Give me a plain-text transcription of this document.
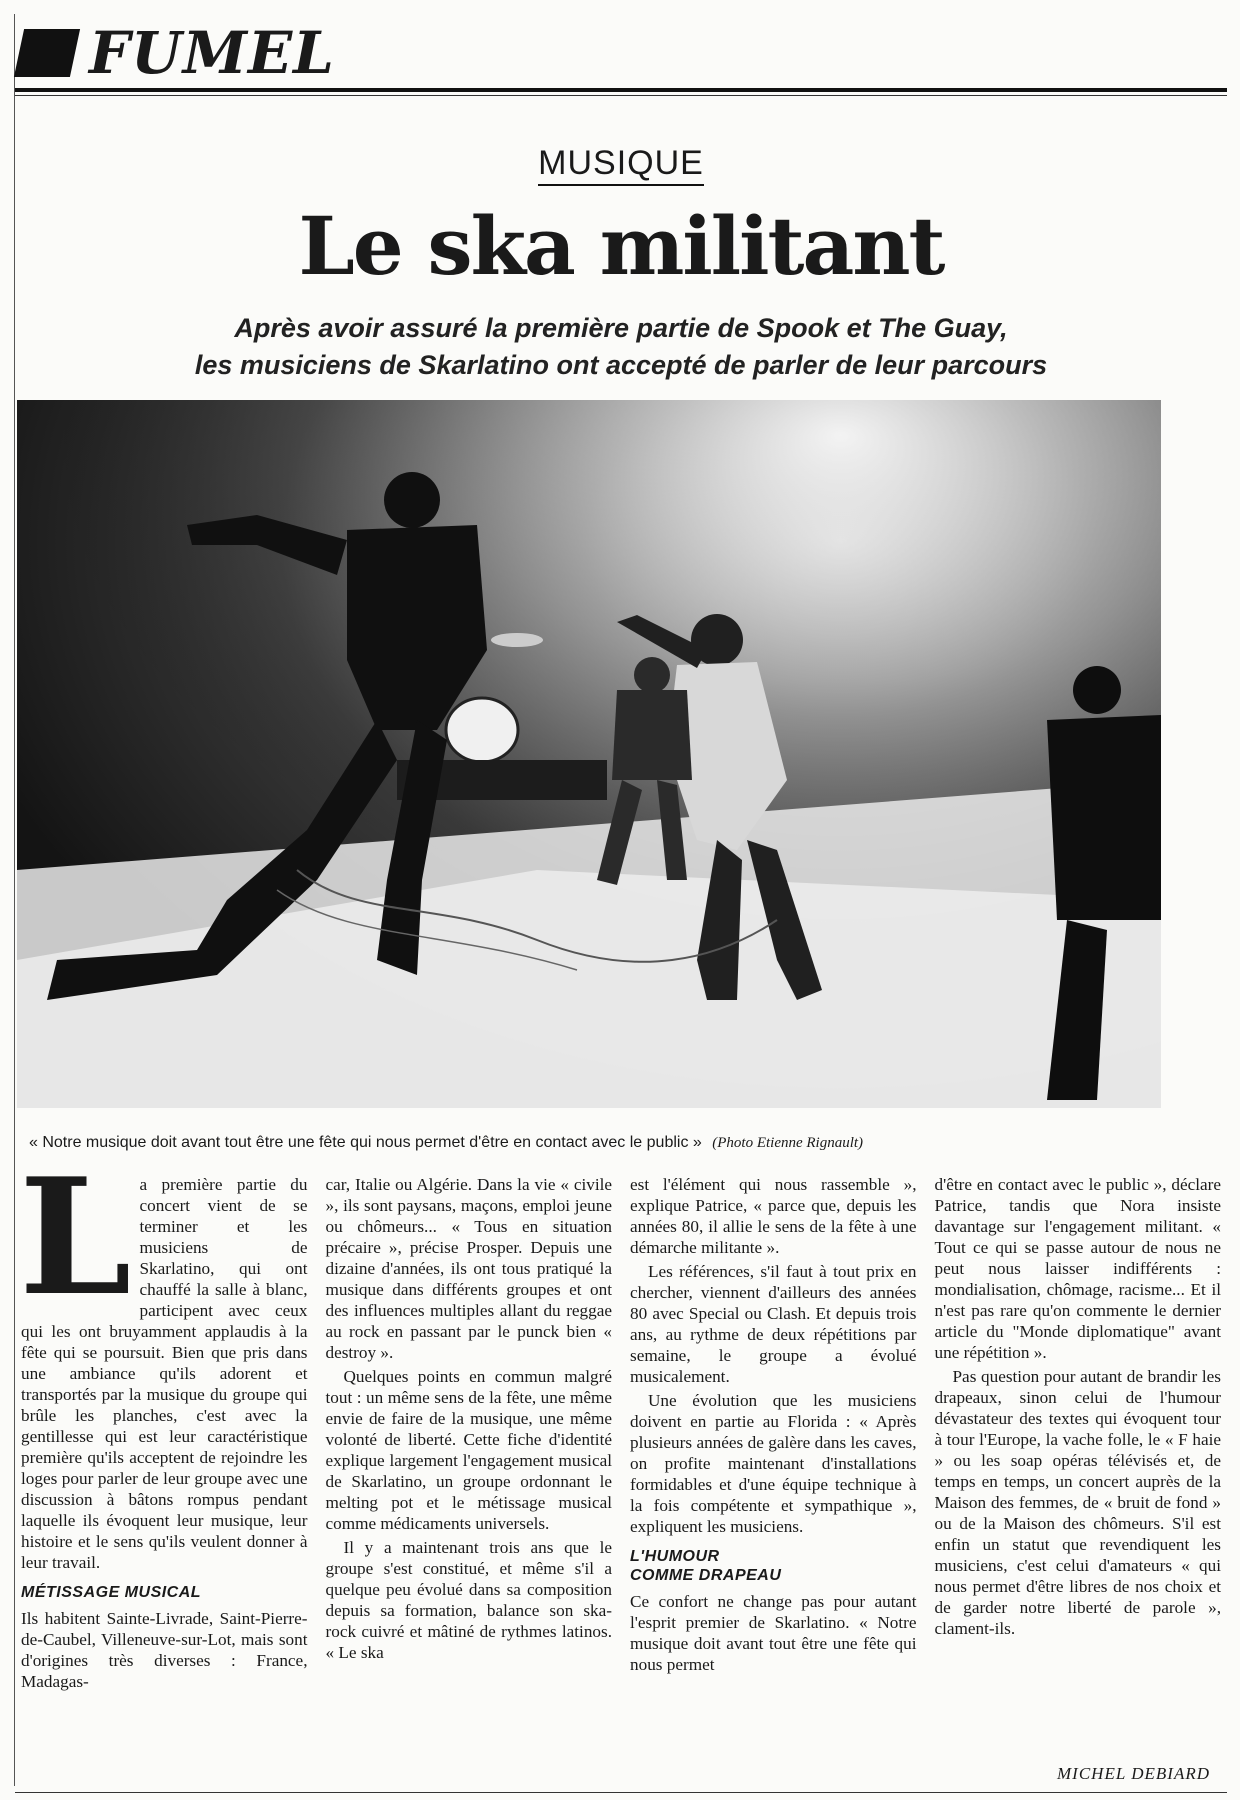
FUMEL
MUSIQUE
Le ska militant
Après avoir assuré la première partie de Spook et The Guay,
les musiciens de Skarlatino ont accepté de parler de leur parcours
« Notre musique doit avant tout être une fête qui nous permet d'être en contact avec le public » (Photo Etienne Rignault)
L a première partie du concert vient de se terminer et les musiciens de Skarlatino, qui ont chauffé la salle à blanc, participent avec ceux qui les ont bruyamment applaudis à la fête qui se poursuit. Bien que pris dans une ambiance qu'ils adorent et transportés par la musique du groupe qui brûle les planches, c'est avec la gentillesse qui est leur caractéristique première qu'ils acceptent de rejoindre les loges pour parler de leur groupe avec une discussion à bâtons rompus pendant laquelle ils évoquent leur musique, leur histoire et le sens qu'ils veulent donner à leur travail.

MÉTISSAGE MUSICAL

Ils habitent Sainte-Livrade, Saint-Pierre-de-Caubel, Villeneuve-sur-Lot, mais sont d'origines très diverses : France, Madagas-

car, Italie ou Algérie. Dans la vie « civile », ils sont paysans, maçons, emploi jeune ou chômeurs... « Tous en situation précaire », précise Prosper. Depuis une dizaine d'années, ils ont tous pratiqué la musique dans différents groupes et ont des influences multiples allant du reggae au rock en passant par le punck bien « destroy ».

Quelques points en commun malgré tout : un même sens de la fête, une même envie de faire de la musique, une même volonté de liberté. Cette fiche d'identité explique largement l'engagement musical de Skarlatino, un groupe ordonnant le melting pot et le métissage musical comme médicaments universels.

Il y a maintenant trois ans que le groupe s'est constitué, et même s'il a quelque peu évolué dans sa composition depuis sa formation, balance son ska-rock cuivré et mâtiné de rythmes latinos. « Le ska

est l'élément qui nous rassemble », explique Patrice, « parce que, depuis les années 80, il allie le sens de la fête à une démarche militante ».

Les références, s'il faut à tout prix en chercher, viennent d'ailleurs des années 80 avec Special ou Clash. Et depuis trois ans, au rythme de deux répétitions par semaine, le groupe a évolué musicalement.

Une évolution que les musiciens doivent en partie au Florida : « Après plusieurs années de galère dans les caves, on profite maintenant d'installations formidables et d'une équipe technique à la fois compétente et sympathique », expliquent les musiciens.

L'HUMOUR
COMME DRAPEAU

Ce confort ne change pas pour autant l'esprit premier de Skarlatino. « Notre musique doit avant tout être une fête qui nous permet

d'être en contact avec le public », déclare Patrice, tandis que Nora insiste davantage sur l'engagement militant. « Tout ce qui se passe autour de nous ne peut nous laisser indifférents : mondialisation, chômage, racisme... Et il n'est pas rare qu'on commente le dernier article du "Monde diplomatique" avant une répétition ».

Pas question pour autant de brandir les drapeaux, sinon celui de l'humour dévastateur des textes qui évoquent tour à tour l'Europe, la vache folle, le « F haie » ou les soap opéras télévisés et, de temps en temps, un concert auprès de la Maison des femmes, de « bruit de fond » ou de la Maison des chômeurs. S'il est enfin un statut que revendiquent les musiciens, c'est celui d'amateurs « qui nous permet d'être libres de nos choix et de garder notre liberté de parole », clament-ils.

MICHEL DEBIARD
